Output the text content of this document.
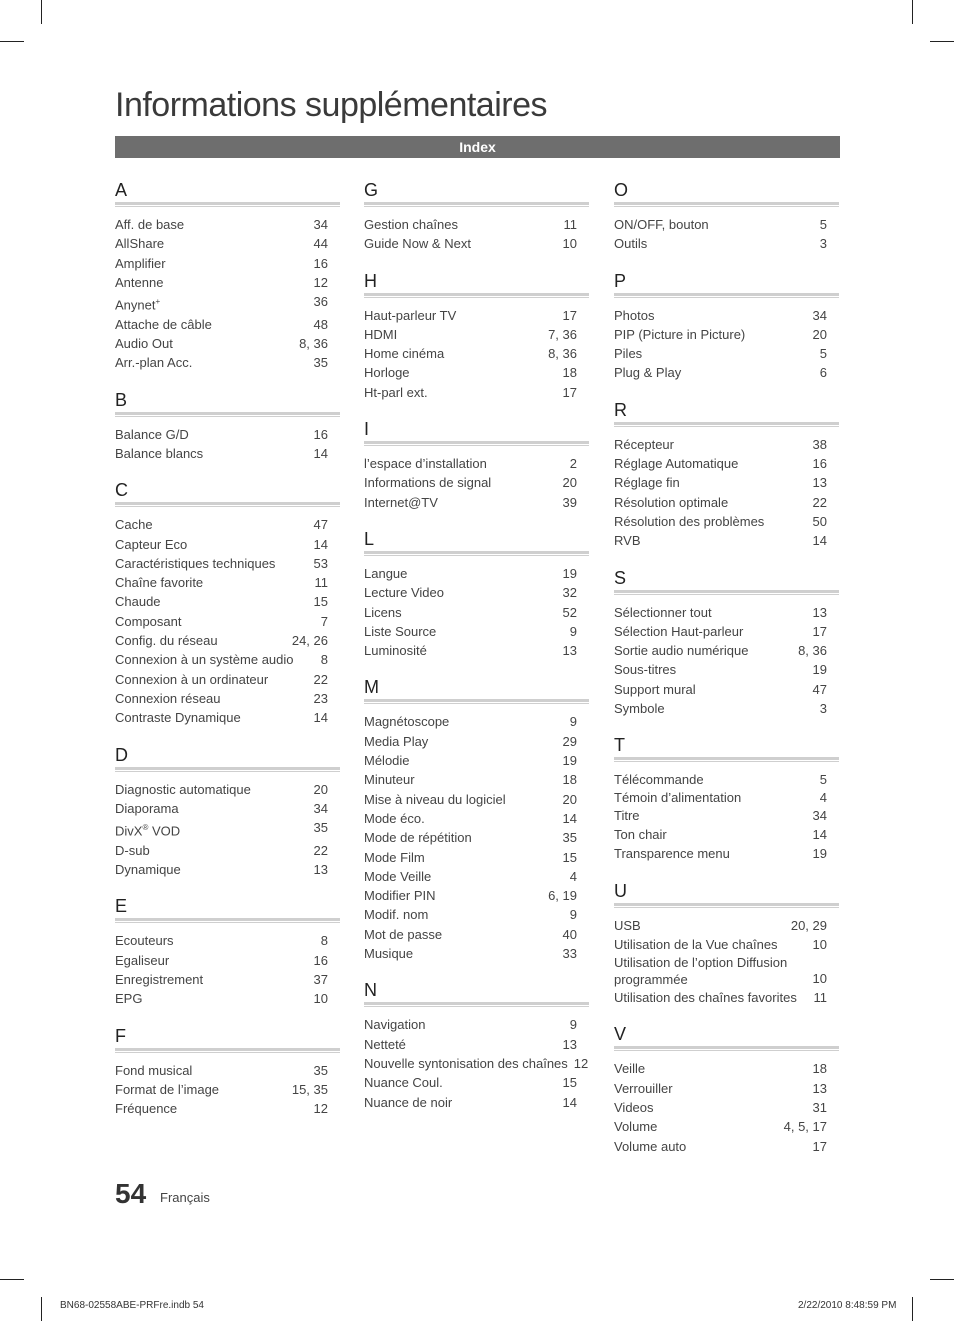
Informations supplémentaires
Index
A
Aff. de base	34
AllShare	44
Amplifier	16
Antenne	12
Anynet+	36
Attache de câble	48
Audio Out	8, 36
Arr.-plan Acc.	35
B
Balance G/D	16
Balance blancs	14
C
Cache	47
Capteur Eco	14
Caractéristiques techniques	53
Chaîne favorite	11
Chaude	15
Composant	7
Config. du réseau	24, 26
Connexion à un système audio 8
Connexion à un ordinateur	22
Connexion réseau	23
Contraste Dynamique	14
D
Diagnostic automatique	20
Diaporama	34
DivX® VOD	35
D-sub	22
Dynamique	13
E
Ecouteurs	8
Egaliseur	16
Enregistrement	37
EPG	10
F
Fond musical	35
Format de l’image	15, 35
Fréquence	12
G
Gestion chaînes	11
Guide Now & Next	10
H
Haut-parleur TV	17
HDMI	7, 36
Home cinéma	8, 36
Horloge	18
Ht-parl ext.	17
I
l’espace d’installation	2
Informations de signal	20
Internet@TV	39
L
Langue	19
Lecture Video	32
Licens	52
Liste Source	9
Luminosité	13
M
Magnétoscope	9
Media Play	29
Mélodie	19
Minuteur	18
Mise à niveau du logiciel	20
Mode éco.	14
Mode de répétition	35
Mode Film	15
Mode Veille	4
Modifier PIN	6, 19
Modif. nom	9
Mot de passe	40
Musique	33
N
Navigation	9
Netteté	13
Nouvelle syntonisation des chaînes 12
Nuance Coul.	15
Nuance de noir	14
O
ON/OFF, bouton	5
Outils	3
P
Photos	34
PIP (Picture in Picture)	20
Piles	5
Plug & Play	6
R
Récepteur	38
Réglage Automatique	16
Réglage fin	13
Résolution optimale	22
Résolution des problèmes	50
RVB	14
S
Sélectionner tout	13
Sélection Haut-parleur	17
Sortie audio numérique	8, 36
Sous-titres	19
Support mural	47
Symbole	3
T
Télécommande	5
Témoin d’alimentation	4
Titre	34
Ton chair	14
Transparence menu	19
U
USB	20, 29
Utilisation de la Vue chaînes	10
Utilisation de l’option Diffusion
programmée	10
Utilisation des chaînes favorites 11
V
Veille	18
Verrouiller	13
Videos	31
Volume	4, 5, 17
Volume auto	17
54 Français
BN68-02558ABE-PRFre.indb 54	2/22/2010 8:48:59 PM
